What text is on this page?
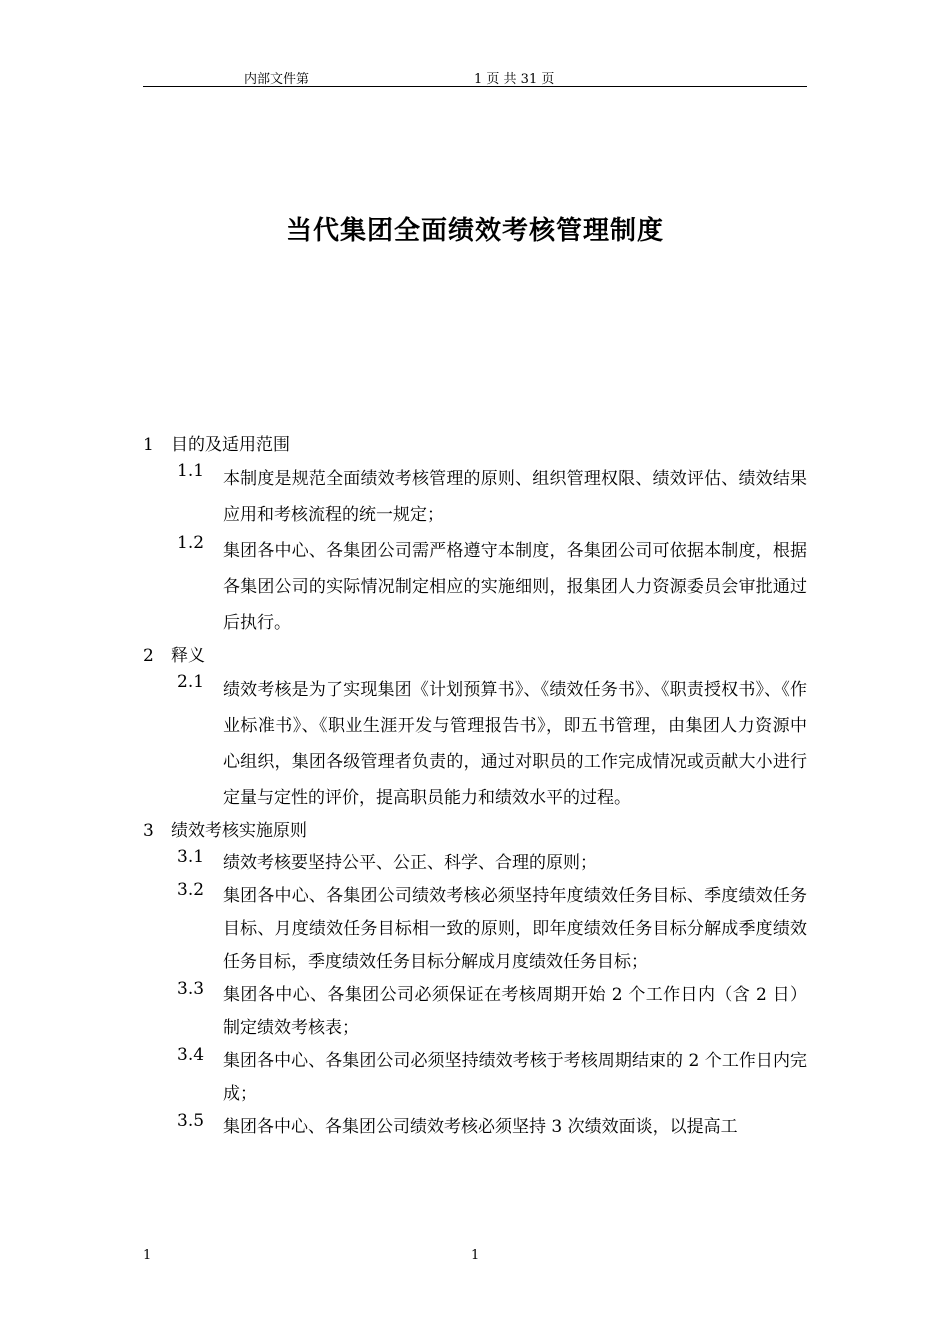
内部文件第	1 页 共 31 页
当代集团全面绩效考核管理制度
1	目的及适用范围
1.1	本制度是规范全面绩效考核管理的原则、组织管理权限、绩效评估、绩效结果应用和考核流程的统一规定；
1.2	集团各中心、各集团公司需严格遵守本制度，各集团公司可依据本制度，根据各集团公司的实际情况制定相应的实施细则，报集团人力资源委员会审批通过后执行。
2	释义
2.1	绩效考核是为了实现集团《计划预算书》、《绩效任务书》、《职责授权书》、《作业标准书》、《职业生涯开发与管理报告书》，即五书管理，由集团人力资源中心组织，集团各级管理者负责的，通过对职员的工作完成情况或贡献大小进行定量与定性的评价，提高职员能力和绩效水平的过程。
3	绩效考核实施原则
3.1	绩效考核要坚持公平、公正、科学、合理的原则；
3.2	集团各中心、各集团公司绩效考核必须坚持年度绩效任务目标、季度绩效任务目标、月度绩效任务目标相一致的原则，即年度绩效任务目标分解成季度绩效任务目标，季度绩效任务目标分解成月度绩效任务目标；
3.3	集团各中心、各集团公司必须保证在考核周期开始 2 个工作日内（含 2 日）制定绩效考核表；
3.4	集团各中心、各集团公司必须坚持绩效考核于考核周期结束的 2 个工作日内完成；
3.5	集团各中心、各集团公司绩效考核必须坚持 3 次绩效面谈，以提高工
1	1
